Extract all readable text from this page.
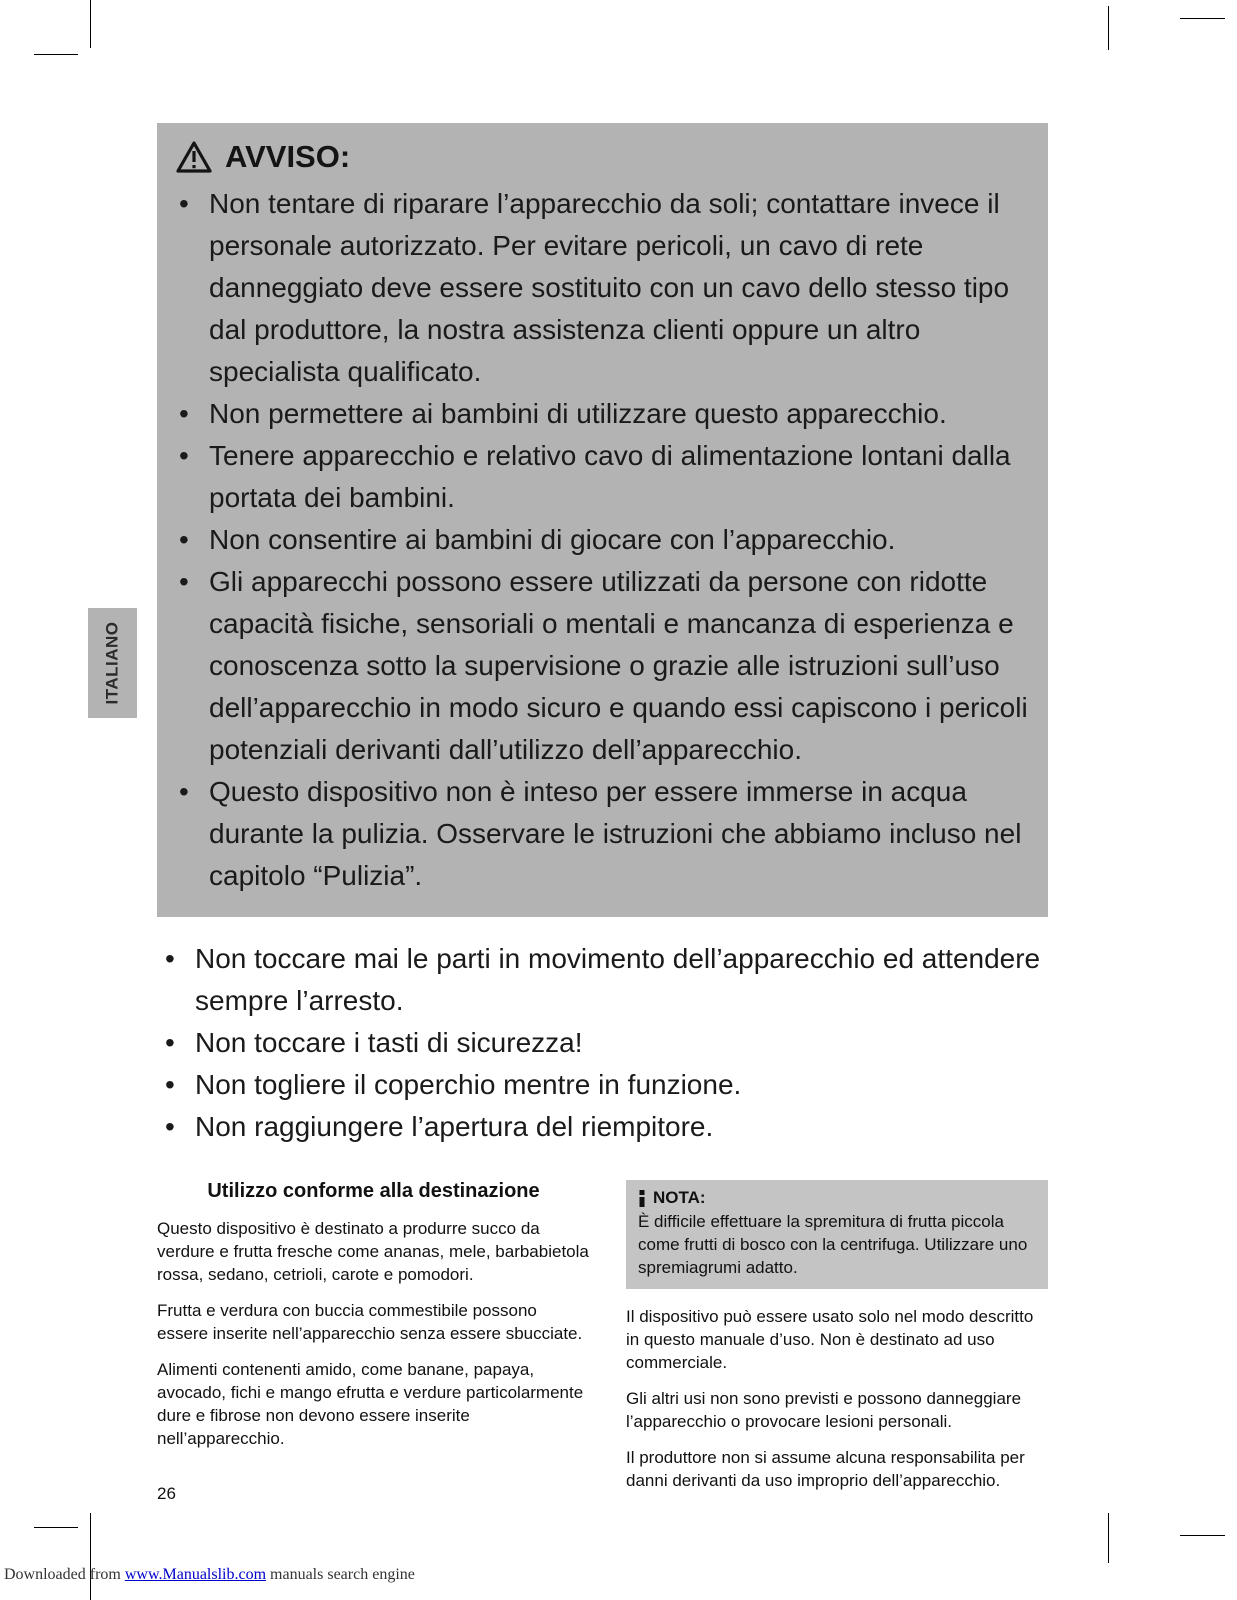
ITALIANO
AVVISO:
• Non tentare di riparare l’apparecchio da soli; contattare invece il personale autorizzato. Per evitare pericoli, un cavo di rete danneggiato deve essere sostituito con un cavo dello stesso tipo dal produttore, la nostra assistenza clienti oppure un altro specialista qualificato.
• Non permettere ai bambini di utilizzare questo apparecchio.
• Tenere apparecchio e relativo cavo di alimentazione lontani dalla portata dei bambini.
• Non consentire ai bambini di giocare con l’apparecchio.
• Gli apparecchi possono essere utilizzati da persone con ridotte capacità fisiche, sensoriali o mentali e mancanza di esperienza e conoscenza sotto la supervisione o grazie alle istruzioni sull’uso dell’apparecchio in modo sicuro e quando essi capiscono i pericoli potenziali derivanti dall’utilizzo dell’apparecchio.
• Questo dispositivo non è inteso per essere immerse in acqua durante la pulizia. Osservare le istruzioni che abbiamo incluso nel capitolo “Pulizia”.
• Non toccare mai le parti in movimento dell’apparecchio ed attendere sempre l’arresto.
• Non toccare i tasti di sicurezza!
• Non togliere il coperchio mentre in funzione.
• Non raggiungere l’apertura del riempitore.
Utilizzo conforme alla destinazione

Questo dispositivo è destinato a produrre succo da verdure e frutta fresche come ananas, mele, barbabietola rossa, sedano, cetrioli, carote e pomodori.

Frutta e verdura con buccia commestibile possono essere inserite nell’apparecchio senza essere sbucciate.

Alimenti contenenti amido, come banane, papaya, avocado, fichi e mango efrutta e verdure particolarmente dure e fibrose non devono essere inserite nell’apparecchio.

NOTA:
È difficile effettuare la spremitura di frutta piccola come frutti di bosco con la centrifuga. Utilizzare uno spremiagrumi adatto.

Il dispositivo può essere usato solo nel modo descritto in questo manuale d’uso. Non è destinato ad uso commerciale.

Gli altri usi non sono previsti e possono danneggiare l’apparecchio o provocare lesioni personali.

Il produttore non si assume alcuna responsabilita per danni derivanti da uso improprio dell’apparecchio.

26
Downloaded from www.Manualslib.com manuals search engine
